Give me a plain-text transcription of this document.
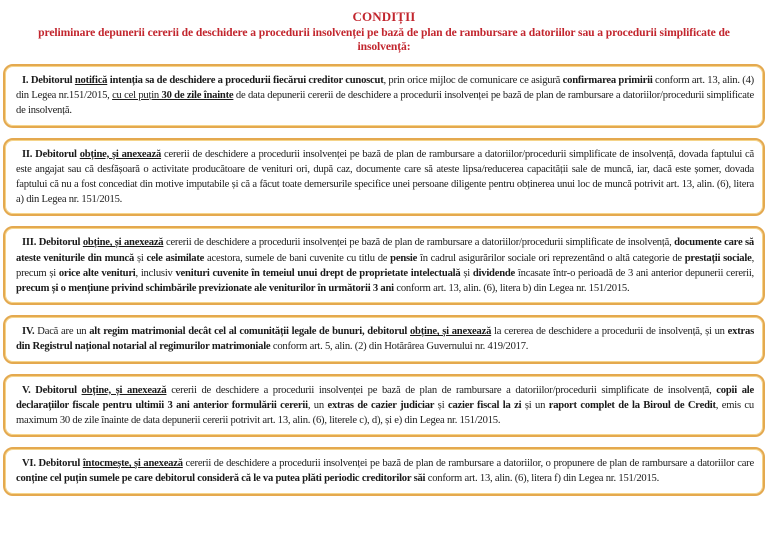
CONDIȚII
preliminare depunerii cererii de deschidere a procedurii insolvenței pe bază de plan de rambursare a datoriilor sau a procedurii simplificate de insolvență:

I. Debitorul notifică intenția sa de deschidere a procedurii fiecărui creditor cunoscut, prin orice mijloc de comunicare ce asigură confirmarea primirii conform art. 13, alin. (4) din Legea nr.151/2015, cu cel puțin 30 de zile înainte de data depunerii cererii de deschidere a procedurii insolvenței pe bază de plan de rambursare a datoriilor/procedurii simplificate de insolvență.

II. Debitorul obține, și anexează cererii de deschidere a procedurii insolvenței pe bază de plan de rambursare a datoriilor/procedurii simplificate de insolvență, dovada faptului că este angajat sau că desfășoară o activitate producătoare de venituri ori, după caz, documente care să ateste lipsa/reducerea capacității sale de muncă, iar, dacă este șomer, dovada faptului că nu a fost concediat din motive imputabile și că a făcut toate demersurile specifice unei persoane diligente pentru obținerea unui loc de muncă potrivit art. 13, alin. (6), litera a) din Legea nr. 151/2015.

III. Debitorul obține, și anexează cererii de deschidere a procedurii insolvenței pe bază de plan de rambursare a datoriilor/procedurii simplificate de insolvență, documente care să ateste veniturile din muncă și cele asimilate acestora, sumele de bani cuvenite cu titlu de pensie în cadrul asigurărilor sociale ori reprezentând o altă categorie de prestații sociale, precum și orice alte venituri, inclusiv venituri cuvenite în temeiul unui drept de proprietate intelectuală și dividende încasate într-o perioadă de 3 ani anterior depunerii cererii, precum și o mențiune privind schimbările previzionate ale veniturilor în următorii 3 ani conform art. 13, alin. (6), litera b) din Legea nr. 151/2015.

IV. Dacă are un alt regim matrimonial decât cel al comunității legale de bunuri, debitorul obține, și anexează la cererea de deschidere a procedurii de insolvență, și un extras din Registrul național notarial al regimurilor matrimoniale conform art. 5, alin. (2) din Hotărârea Guvernului nr. 419/2017.

V. Debitorul obține, și anexează cererii de deschidere a procedurii insolvenței pe bază de plan de rambursare a datoriilor/procedurii simplificate de insolvență, copii ale declarațiilor fiscale pentru ultimii 3 ani anterior formulării cererii, un extras de cazier judiciar și cazier fiscal la zi și un raport complet de la Biroul de Credit, emis cu maximum 30 de zile înainte de data depunerii cererii potrivit art. 13, alin. (6), literele c), d), și e) din Legea nr. 151/2015.

VI. Debitorul întocmește, și anexează cererii de deschidere a procedurii insolvenței pe bază de plan de rambursare a datoriilor, o propunere de plan de rambursare a datoriilor care conține cel puțin sumele pe care debitorul consideră că le va putea plăti periodic creditorilor săi conform art. 13, alin. (6), litera f) din Legea nr. 151/2015.
